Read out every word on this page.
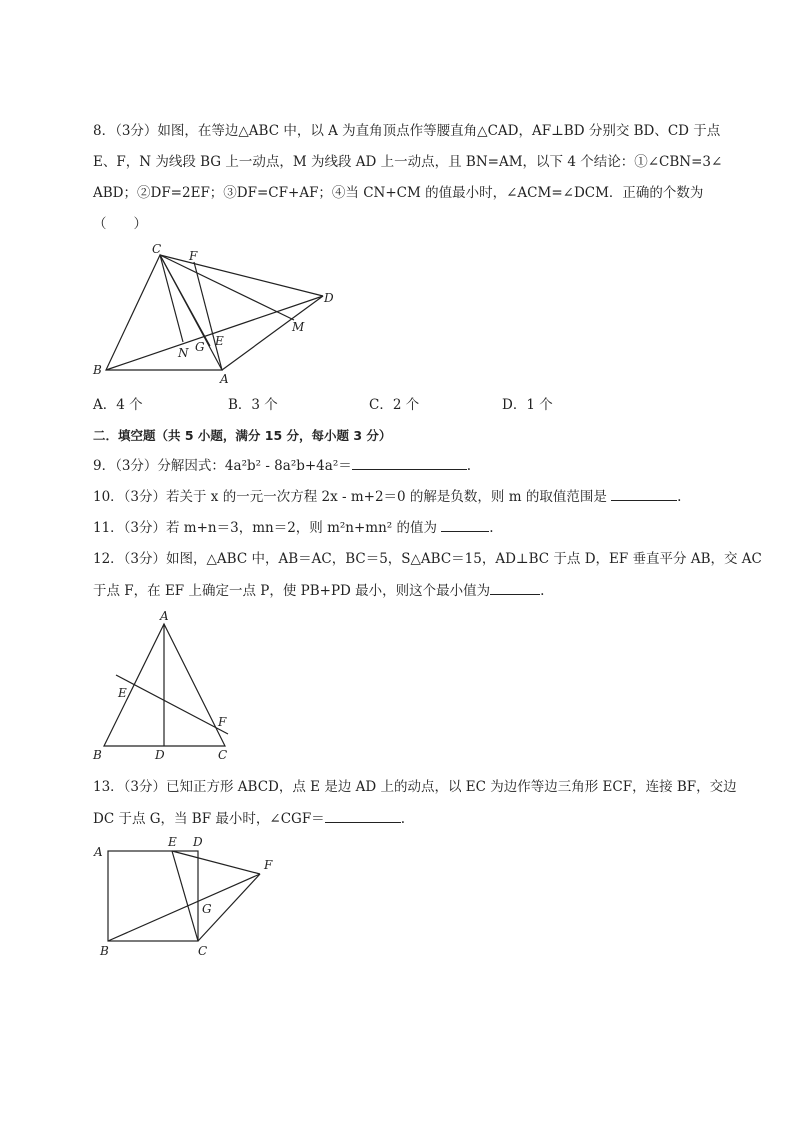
8．（3分）如图，在等边△ABC 中，以 A 为直角顶点作等腰直角△CAD，AF⊥BD 分别交 BD、CD 于点
E、F，N 为线段 BG 上一动点，M 为线段 AD 上一动点，且 BN=AM，以下 4 个结论：①∠CBN=3∠
ABD；②DF=2EF；③DF=CF+AF；④当 CN+CM 的值最小时，∠ACM=∠DCM．正确的个数为
（　　）
C F
D
M
N G E
B
A
A．4 个	B．3 个	C．2 个	D．1 个
二．填空题（共 5 小题，满分 15 分，每小题 3 分）
9．（3分）分解因式：4a²b² - 8a²b+4a²＝	.
10．（3分）若关于 x 的一元一次方程 2x - m+2＝0 的解是负数，则 m 的取值范围是	.
11．（3分）若 m+n＝3，mn＝2，则 m²n+mn² 的值为	.
12．（3分）如图，△ABC 中，AB＝AC，BC＝5，S△ABC＝15，AD⊥BC 于点 D，EF 垂直平分 AB，交 AC
于点 F，在 EF 上确定一点 P，使 PB+PD 最小，则这个最小值为	.
A
E
F
B	D	C
13．（3分）已知正方形 ABCD，点 E 是边 AD 上的动点，以 EC 为边作等边三角形 ECF，连接 BF，交边
DC 于点 G，当 BF 最小时，∠CGF＝	.
A
E D
F
G
B	C
